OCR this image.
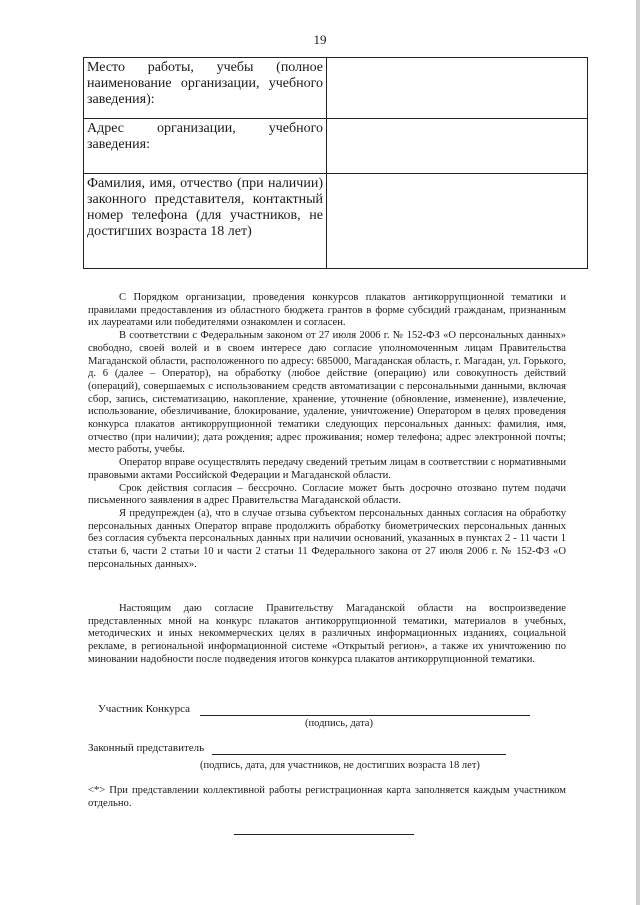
19
Место работы, учебы (полное наименование организации, учебного заведения):	
Адрес организации, учебного заведения:	
Фамилия, имя, отчество (при наличии) законного представителя, контактный номер телефона (для участников, не достигших возраста 18 лет)	

С Порядком организации, проведения конкурсов плакатов антикоррупционной тематики и правилами предоставления из областного бюджета грантов в форме субсидий гражданам, признанным их лауреатами или победителями ознакомлен и согласен.

В соответствии с Федеральным законом от 27 июля 2006 г. № 152-ФЗ «О персональных данных» свободно, своей волей и в своем интересе даю согласие уполномоченным лицам Правительства Магаданской области, расположенного по адресу: 685000, Магаданская область, г. Магадан, ул. Горького, д. 6 (далее – Оператор), на обработку (любое действие (операцию) или совокупность действий (операций), совершаемых с использованием средств автоматизации с персональными данными, включая сбор, запись, систематизацию, накопление, хранение, уточнение (обновление, изменение), извлечение, использование, обезличивание, блокирование, удаление, уничтожение) Оператором в целях проведения конкурса плакатов антикоррупционной тематики следующих персональных данных: фамилия, имя, отчество (при наличии); дата рождения; адрес проживания; номер телефона; адрес электронной почты; место работы, учебы.

Оператор вправе осуществлять передачу сведений третьим лицам в соответствии с нормативными правовыми актами Российской Федерации и Магаданской области.

Срок действия согласия – бессрочно. Согласие может быть досрочно отозвано путем подачи письменного заявления в адрес Правительства Магаданской области.

Я предупрежден (а), что в случае отзыва субъектом персональных данных согласия на обработку персональных данных Оператор вправе продолжить обработку биометрических персональных данных без согласия субъекта персональных данных при наличии оснований, указанных в пунктах 2 - 11 части 1 статьи 6, части 2 статьи 10 и части 2 статьи 11 Федерального закона от 27 июля 2006 г. № 152-ФЗ «О персональных данных».

Настоящим даю согласие Правительству Магаданской области на воспроизведение представленных мной на конкурс плакатов антикоррупционной тематики, материалов в учебных, методических и иных некоммерческих целях в различных информационных изданиях, социальной рекламе, в региональной информационной системе «Открытый регион», а также их уничтожению по миновании надобности после подведения итогов конкурса плакатов антикоррупционной тематики.

Участник Конкурса
(подпись, дата)
Законный представитель
(подпись, дата, для участников, не достигших возраста 18 лет)
<*> При представлении коллективной работы регистрационная карта заполняется каждым участником отдельно.
